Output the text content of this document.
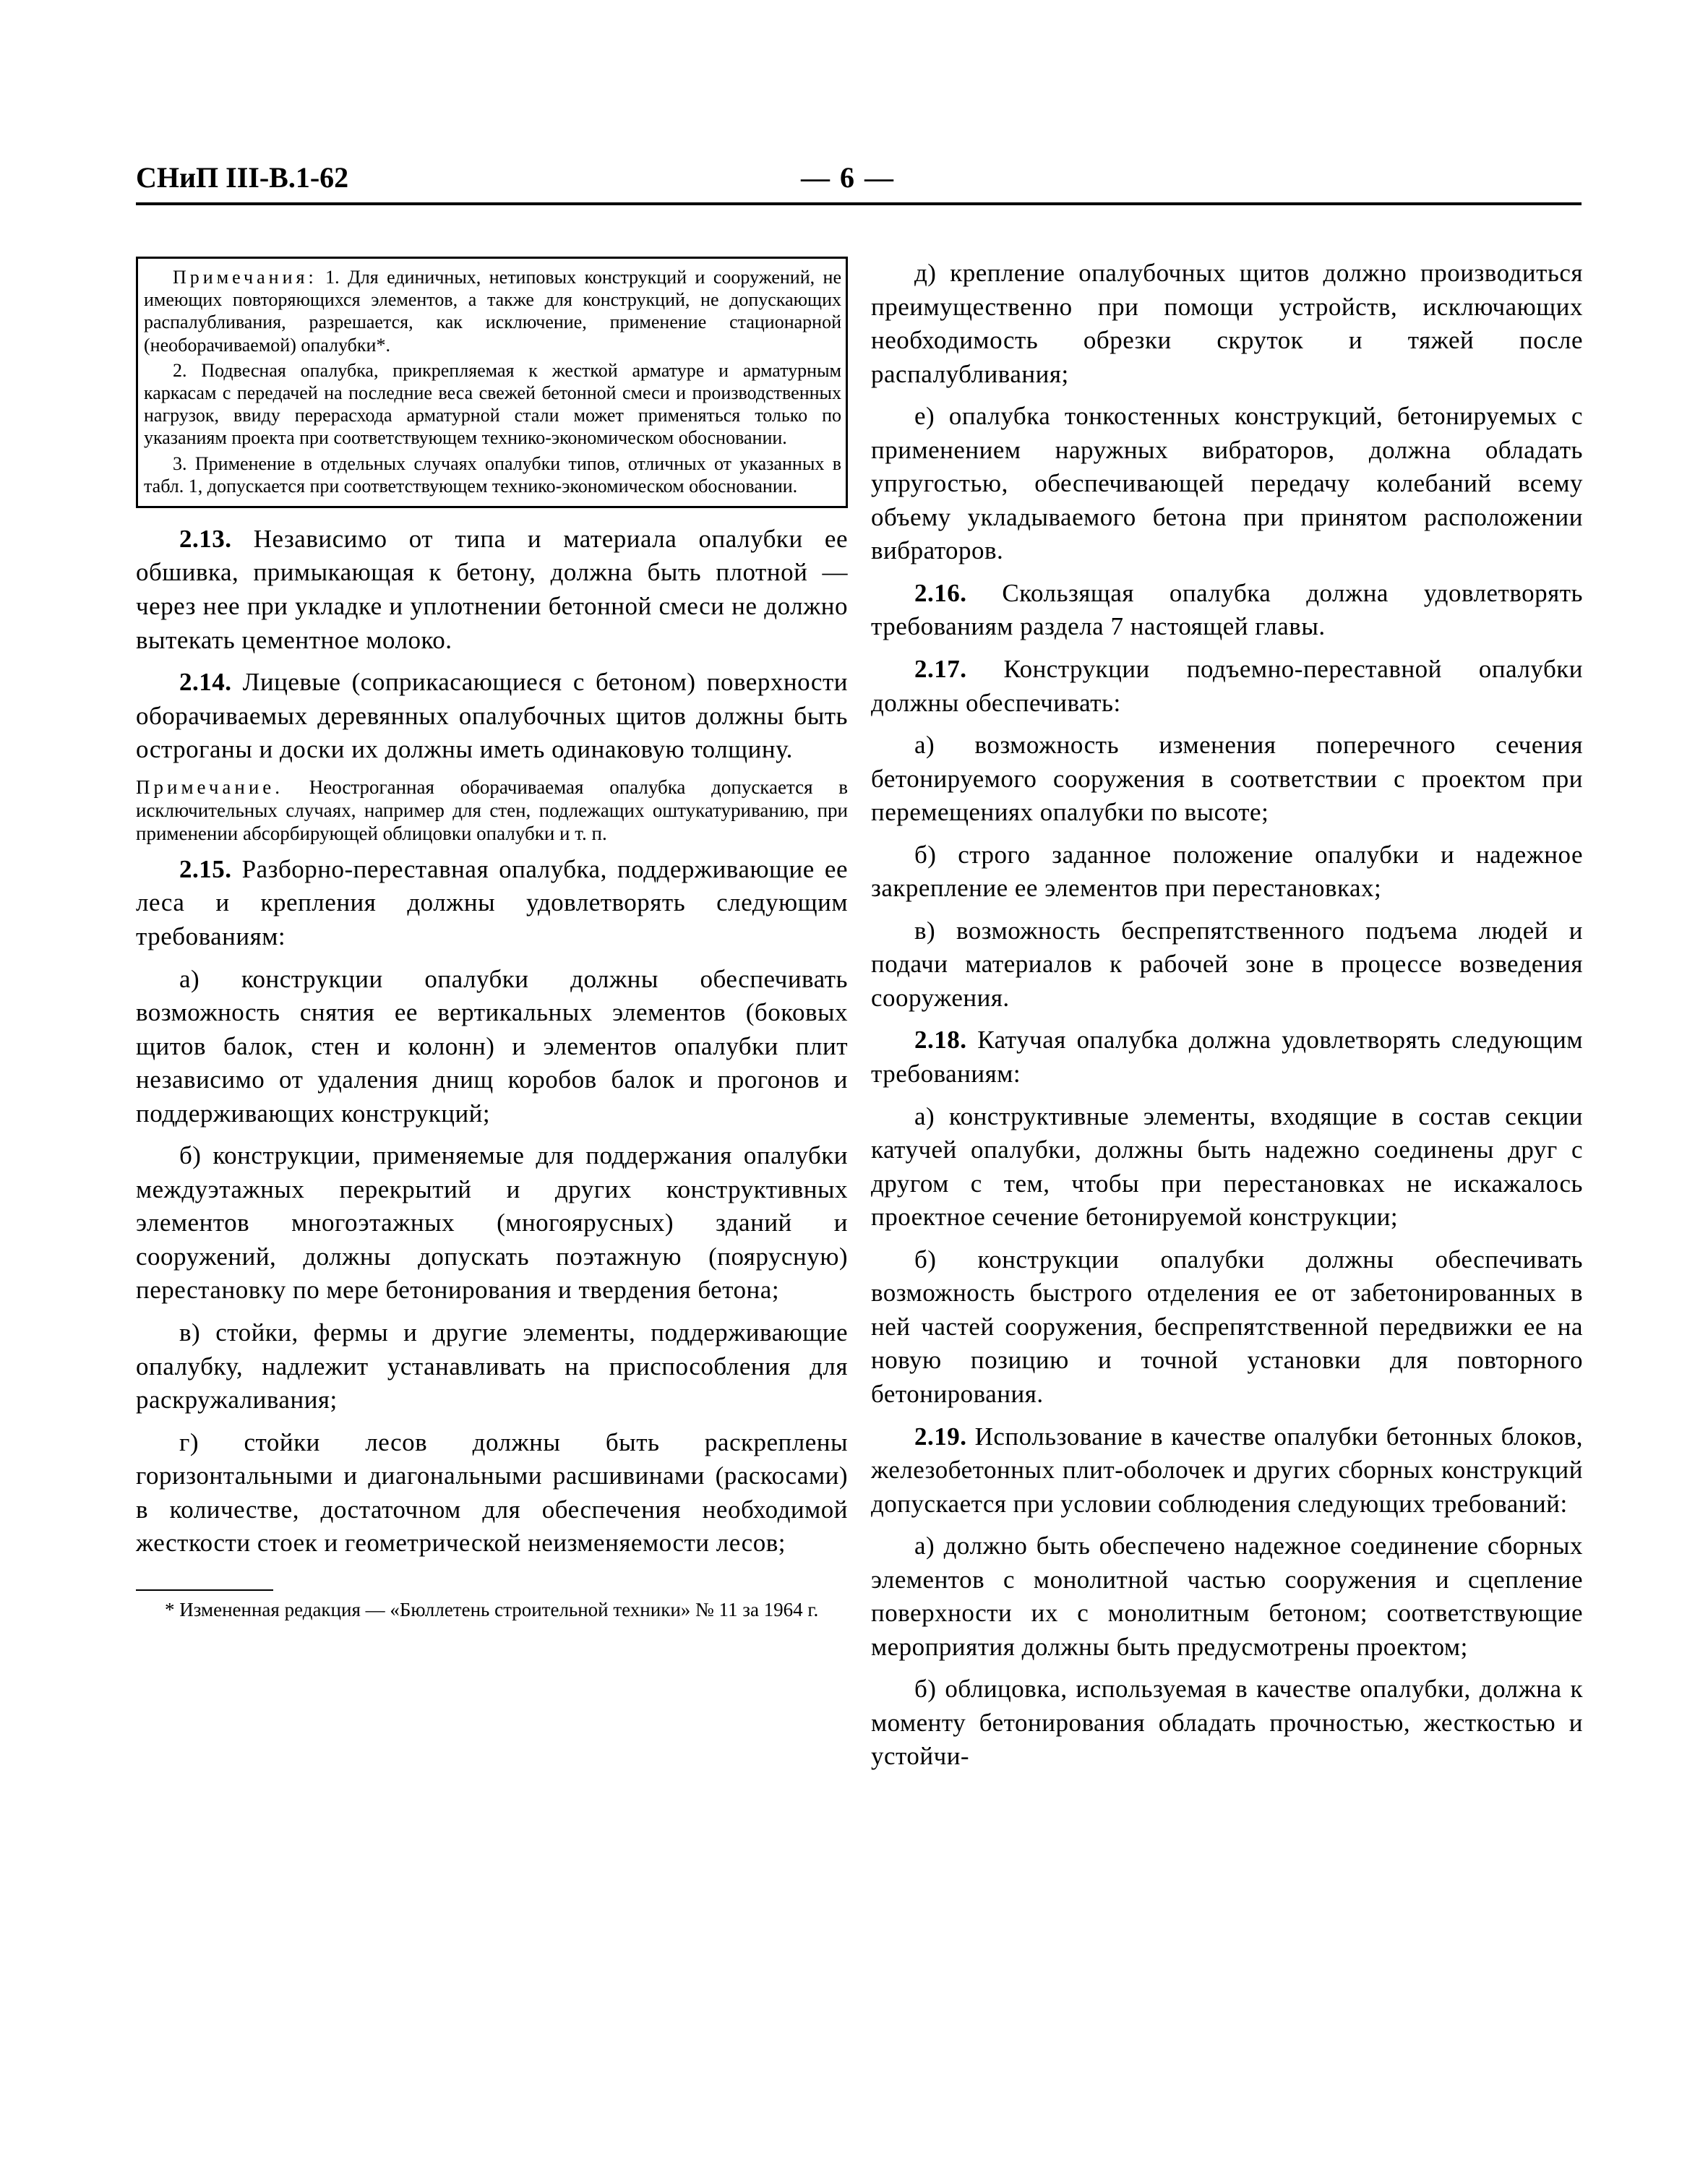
СНиП III-В.1-62	— 6 —

Примечания: 1. Для единичных, нетиповых конструкций и сооружений, не имеющих повторяющихся элементов, а также для конструкций, не допускающих распалубливания, разрешается, как исключение, применение стационарной (необорачиваемой) опалубки*.

2. Подвесная опалубка, прикрепляемая к жесткой арматуре и арматурным каркасам с передачей на последние веса свежей бетонной смеси и производственных нагрузок, ввиду перерасхода арматурной стали может применяться только по указаниям проекта при соответствующем технико-экономическом обосновании.

3. Применение в отдельных случаях опалубки типов, отличных от указанных в табл. 1, допускается при соответствующем технико-экономическом обосновании.

2.13. Независимо от типа и материала опалубки ее обшивка, примыкающая к бетону, должна быть плотной — через нее при укладке и уплотнении бетонной смеси не должно вытекать цементное молоко.

2.14. Лицевые (соприкасающиеся с бетоном) поверхности оборачиваемых деревянных опалубочных щитов должны быть остроганы и доски их должны иметь одинаковую толщину.

Примечание. Неостроганная оборачиваемая опалубка допускается в исключительных случаях, например для стен, подлежащих оштукатуриванию, при применении абсорбирующей облицовки опалубки и т. п.

2.15. Разборно-переставная опалубка, поддерживающие ее леса и крепления должны удовлетворять следующим требованиям:

а) конструкции опалубки должны обеспечивать возможность снятия ее вертикальных элементов (боковых щитов балок, стен и колонн) и элементов опалубки плит независимо от удаления днищ коробов балок и прогонов и поддерживающих конструкций;

б) конструкции, применяемые для поддержания опалубки междуэтажных перекрытий и других конструктивных элементов многоэтажных (многоярусных) зданий и сооружений, должны допускать поэтажную (поярусную) перестановку по мере бетонирования и твердения бетона;

в) стойки, фермы и другие элементы, поддерживающие опалубку, надлежит устанавливать на приспособления для раскружаливания;

г) стойки лесов должны быть раскреплены горизонтальными и диагональными расшивинами (раскосами) в количестве, достаточном для обеспечения необходимой жесткости стоек и геометрической неизменяемости лесов;

* Измененная редакция — «Бюллетень строительной техники» № 11 за 1964 г.

д) крепление опалубочных щитов должно производиться преимущественно при помощи устройств, исключающих необходимость обрезки скруток и тяжей после распалубливания;

е) опалубка тонкостенных конструкций, бетонируемых с применением наружных вибраторов, должна обладать упругостью, обеспечивающей передачу колебаний всему объему укладываемого бетона при принятом расположении вибраторов.

2.16. Скользящая опалубка должна удовлетворять требованиям раздела 7 настоящей главы.

2.17. Конструкции подъемно-переставной опалубки должны обеспечивать:

а) возможность изменения поперечного сечения бетонируемого сооружения в соответствии с проектом при перемещениях опалубки по высоте;

б) строго заданное положение опалубки и надежное закрепление ее элементов при перестановках;

в) возможность беспрепятственного подъема людей и подачи материалов к рабочей зоне в процессе возведения сооружения.

2.18. Катучая опалубка должна удовлетворять следующим требованиям:

а) конструктивные элементы, входящие в состав секции катучей опалубки, должны быть надежно соединены друг с другом с тем, чтобы при перестановках не искажалось проектное сечение бетонируемой конструкции;

б) конструкции опалубки должны обеспечивать возможность быстрого отделения ее от забетонированных в ней частей сооружения, беспрепятственной передвижки ее на новую позицию и точной установки для повторного бетонирования.

2.19. Использование в качестве опалубки бетонных блоков, железобетонных плит-оболочек и других сборных конструкций допускается при условии соблюдения следующих требований:

а) должно быть обеспечено надежное соединение сборных элементов с монолитной частью сооружения и сцепление поверхности их с монолитным бетоном; соответствующие мероприятия должны быть предусмотрены проектом;

б) облицовка, используемая в качестве опалубки, должна к моменту бетонирования обладать прочностью, жесткостью и устойчи-
